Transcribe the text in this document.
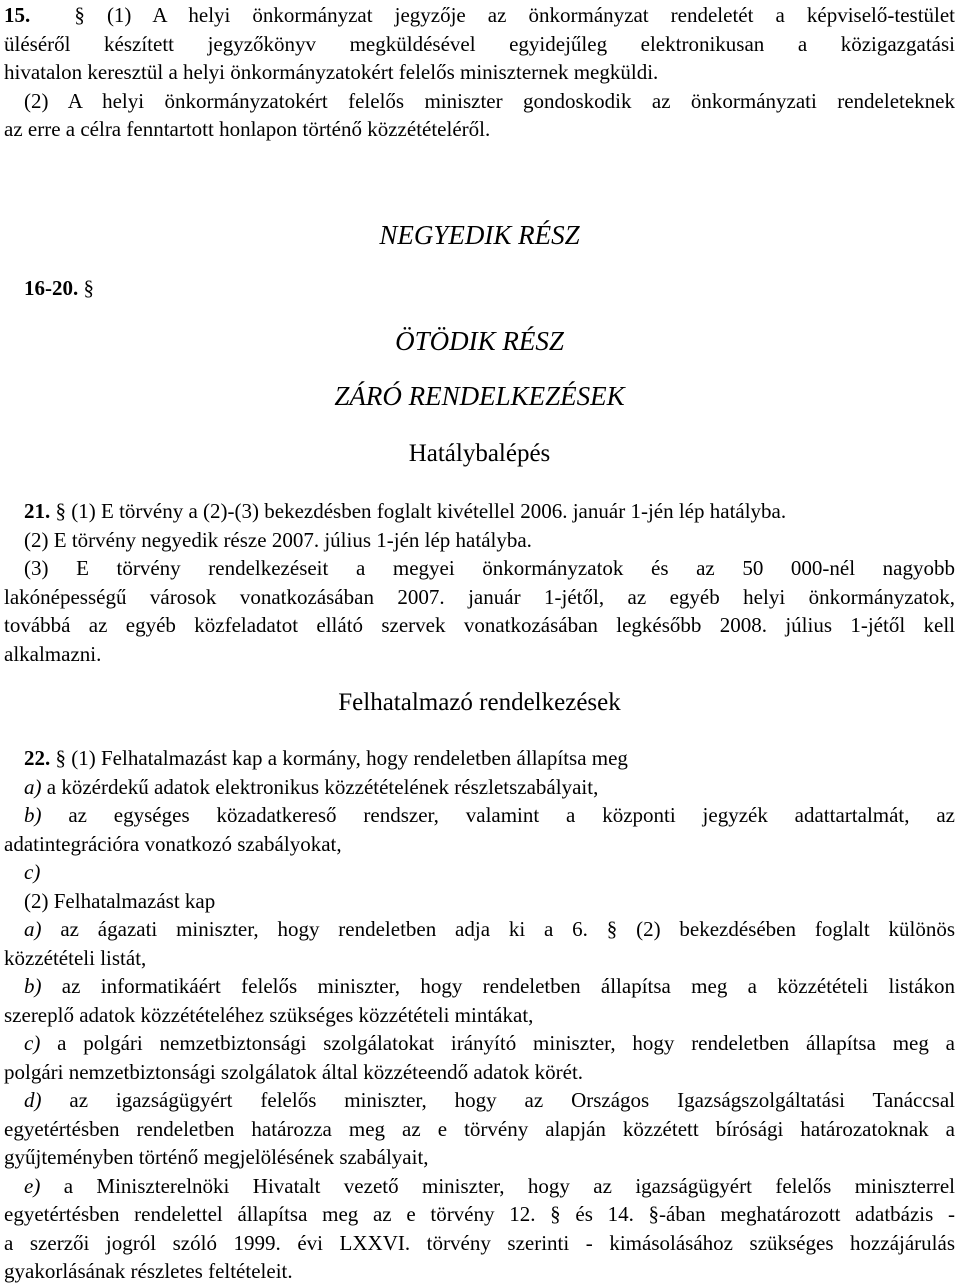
15. § (1) A helyi önkormányzat jegyzője az önkormányzat rendeletét a képviselő-testület

üléséről készített jegyzőkönyv megküldésével egyidejűleg elektronikusan a közigazgatási

hivatalon keresztül a helyi önkormányzatokért felelős miniszternek megküldi.

(2) A helyi önkormányzatokért felelős miniszter gondoskodik az önkormányzati rendeleteknek

az erre a célra fenntartott honlapon történő közzétételéről.

NEGYEDIK RÉSZ

16-20. §

ÖTÖDIK RÉSZ

ZÁRÓ RENDELKEZÉSEK

Hatálybalépés

21. § (1) E törvény a (2)-(3) bekezdésben foglalt kivétellel 2006. január 1-jén lép hatályba.

(2) E törvény negyedik része 2007. július 1-jén lép hatályba.

(3) E törvény rendelkezéseit a megyei önkormányzatok és az 50 000-nél nagyobb

lakónépességű városok vonatkozásában 2007. január 1-jétől, az egyéb helyi önkormányzatok,

továbbá az egyéb közfeladatot ellátó szervek vonatkozásában legkésőbb 2008. július 1-jétől kell

alkalmazni.

Felhatalmazó rendelkezések

22. § (1) Felhatalmazást kap a kormány, hogy rendeletben állapítsa meg

a) a közérdekű adatok elektronikus közzétételének részletszabályait,

b) az egységes közadatkereső rendszer, valamint a központi jegyzék adattartalmát, az

adatintegrációra vonatkozó szabályokat,

c)

(2) Felhatalmazást kap

a) az ágazati miniszter, hogy rendeletben adja ki a 6. § (2) bekezdésében foglalt különös

közzétételi listát,

b) az informatikáért felelős miniszter, hogy rendeletben állapítsa meg a közzétételi listákon

szereplő adatok közzétételéhez szükséges közzétételi mintákat,

c) a polgári nemzetbiztonsági szolgálatokat irányító miniszter, hogy rendeletben állapítsa meg a

polgári nemzetbiztonsági szolgálatok által közzéteendő adatok körét.

d) az igazságügyért felelős miniszter, hogy az Országos Igazságszolgáltatási Tanáccsal

egyetértésben rendeletben határozza meg az e törvény alapján közzétett bírósági határozatoknak a

gyűjteményben történő megjelölésének szabályait,

e) a Miniszterelnöki Hivatalt vezető miniszter, hogy az igazságügyért felelős miniszterrel

egyetértésben rendelettel állapítsa meg az e törvény 12. § és 14. §-ában meghatározott adatbázis -

a szerzői jogról szóló 1999. évi LXXVI. törvény szerinti - kimásolásához szükséges hozzájárulás

gyakorlásának részletes feltételeit.
